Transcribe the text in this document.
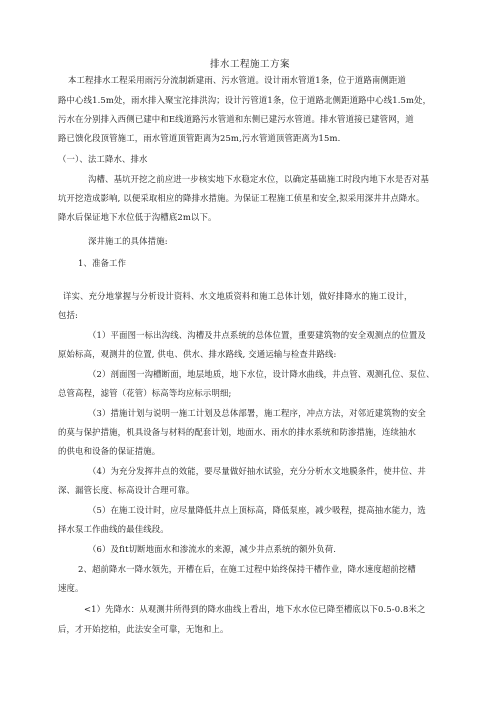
排水工程施工方案
本工程排水工程采用雨污分流制新建雨、污水管道。设计雨水管道1条，位于道路南侧距道
路中心线1.5m处，雨水排入聚宝沱排洪沟；设计污管道1条，位于道路北侧距道路中心线1.5m处，
污水在分别排入西侧已建中和E线道路污水管道和东侧已建污水管道。排水管道接已建管网，道
路已馈化段顶管施工，雨水管道顶管距离为25m,污水管道顶管距离为15m.
（一）、法工降水、排水
沟槽、基坑开挖之前应进一步核实地下水稳定水位，以确定基础施工时段内地下水是否对基
坑开挖造成影响, 以便采取相应的降排水措施。为保证工程施工侦星和安全,拟采用深井井点降水。
降水后保证地下水位低于沟槽底2m以下。
深井施工的具体措施:
1、准备工作
详实、充分地掌握与分析设计资料、水文地质资料和施工总体计划，做好排降水的施工设计，
包括:
（1）平面图一标出沟线、沟槽及井点系统的总体位置，重要建筑物的安全观测点的位置及
原始标高，观测井的位置, 供电、供水、排水路线, 交通运输与检查井路线:
（2）剖面图一沟槽断面，地层地质，地下水位，设计降水曲线，井点管、观测孔位、泵位、
总管高程，滤管（花管）标高等均应标示明细;
（3）措施计划与说明一施工计划及总体部署，施工程序，冲点方法，对邻近建筑物的安全
的莫与保护措施，机具设备与材料的配套计划，地面水、雨水的排水系统和防渗措施，连续抽水
的供电和设备的保证措施。
（4）为充分发挥井点的效能，要尽量做好抽水试验，充分分析水文地膜条件，使井位、井
深、漏管长度、标高设计合理可靠。
（5）在施工设计时，应尽量降低井点上顶标高，降低泵座，减少吸程，提高抽水能力，选
择水泵工作曲线的最佳线段。
（6）及fit切断地面水和渗流水的来源，减少井点系统的额外负荷.
2、超前降水一降水领先，开槽在后，在施工过程中始终保持干槽作业，降水速度超前挖槽
速度。
<1）先降水：从观测井所得到的降水曲线上看出，地下水水位已降至槽底以下0.5-0.8米之
后，才开始挖柏，此法安全可靠，无饱和上。
